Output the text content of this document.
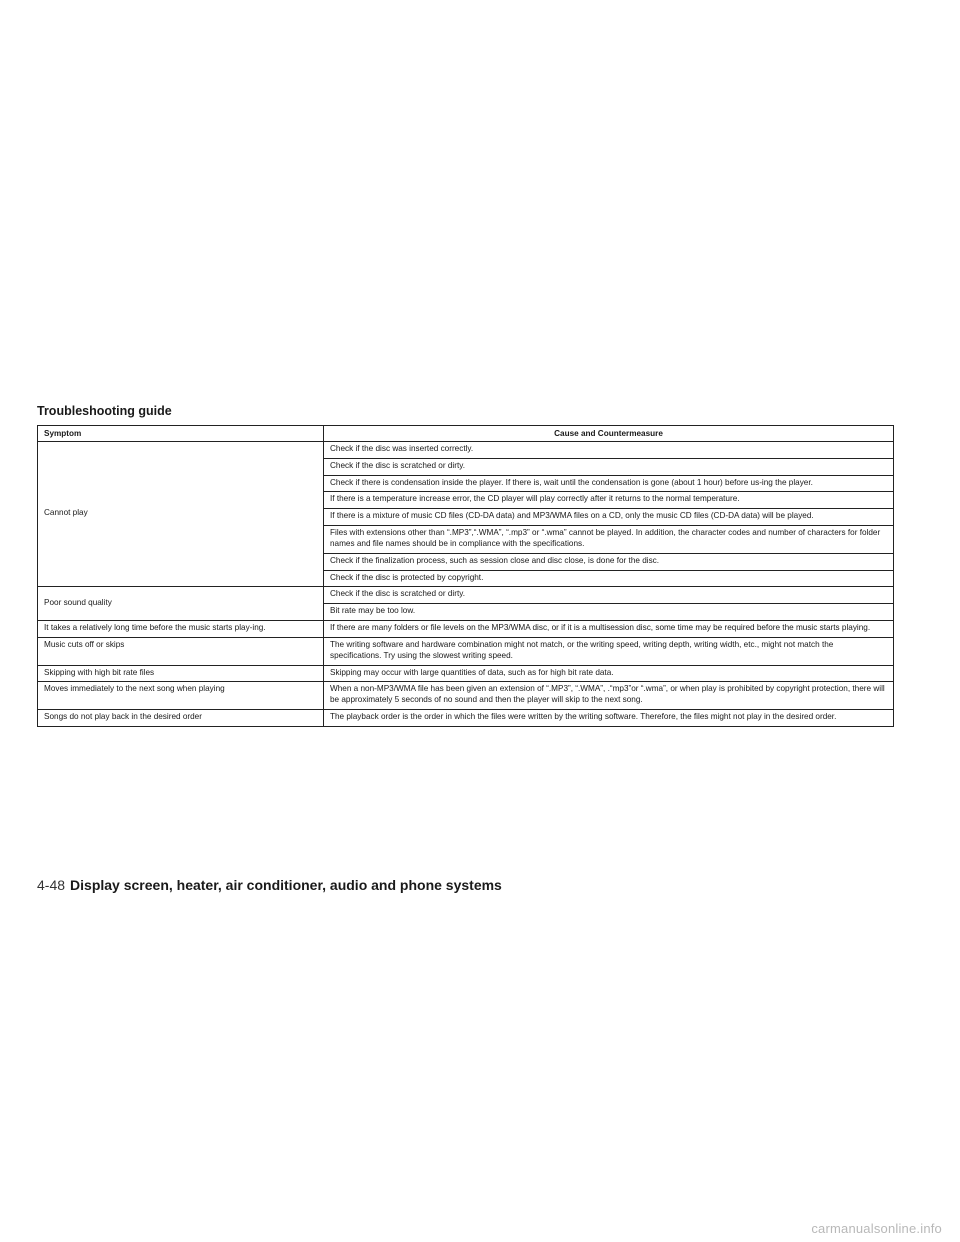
Troubleshooting guide
Symptom	Cause and Countermeasure
Cannot play	Check if the disc was inserted correctly.
	Check if the disc is scratched or dirty.
	Check if there is condensation inside the player. If there is, wait until the condensation is gone (about 1 hour) before us-ing the player.
	If there is a temperature increase error, the CD player will play correctly after it returns to the normal temperature.
	If there is a mixture of music CD files (CD-DA data) and MP3/WMA files on a CD, only the music CD files (CD-DA data) will be played.
	Files with extensions other than “.MP3”,“.WMA”, “.mp3” or “.wma” cannot be played. In addition, the character codes and number of characters for folder names and file names should be in compliance with the specifications.
	Check if the finalization process, such as session close and disc close, is done for the disc.
	Check if the disc is protected by copyright.
Poor sound quality	Check if the disc is scratched or dirty.
	Bit rate may be too low.
It takes a relatively long time before the music starts play-ing.	If there are many folders or file levels on the MP3/WMA disc, or if it is a multisession disc, some time may be required before the music starts playing.
Music cuts off or skips	The writing software and hardware combination might not match, or the writing speed, writing depth, writing width, etc., might not match the specifications. Try using the slowest writing speed.
Skipping with high bit rate files	Skipping may occur with large quantities of data, such as for high bit rate data.
Moves immediately to the next song when playing	When a non-MP3/WMA file has been given an extension of “.MP3”, “.WMA”, .“mp3”or “.wma”, or when play is prohibited by copyright protection, there will be approximately 5 seconds of no sound and then the player will skip to the next song.
Songs do not play back in the desired order	The playback order is the order in which the files were written by the writing software. Therefore, the files might not play in the desired order.
4-48 Display screen, heater, air conditioner, audio and phone systems
carmanualsonline.info
